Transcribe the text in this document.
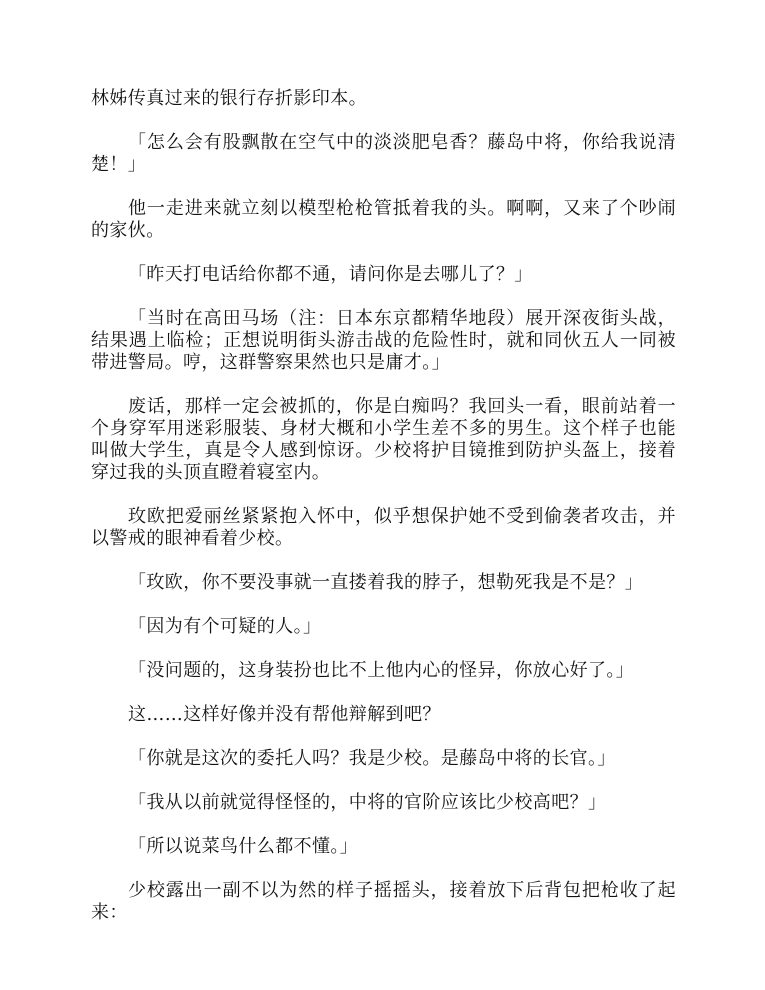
林姊传真过来的银行存折影印本。

「怎么会有股飘散在空气中的淡淡肥皂香？藤岛中将，你给我说清楚！」

他一走进来就立刻以模型枪枪管抵着我的头。啊啊，又来了个吵闹的家伙。

「昨天打电话给你都不通，请问你是去哪儿了？」

「当时在高田马场（注：日本东京都精华地段）展开深夜街头战，结果遇上临检；正想说明街头游击战的危险性时，就和同伙五人一同被带进警局。哼，这群警察果然也只是庸才。」

废话，那样一定会被抓的，你是白痴吗？我回头一看，眼前站着一个身穿军用迷彩服装、身材大概和小学生差不多的男生。这个样子也能叫做大学生，真是令人感到惊讶。少校将护目镜推到防护头盔上，接着穿过我的头顶直瞪着寝室内。

玫欧把爱丽丝紧紧抱入怀中，似乎想保护她不受到偷袭者攻击，并以警戒的眼神看着少校。

「玫欧，你不要没事就一直搂着我的脖子，想勒死我是不是？」

「因为有个可疑的人。」

「没问题的，这身装扮也比不上他内心的怪异，你放心好了。」

这……这样好像并没有帮他辩解到吧？

「你就是这次的委托人吗？我是少校。是藤岛中将的长官。」

「我从以前就觉得怪怪的，中将的官阶应该比少校高吧？」

「所以说菜鸟什么都不懂。」

少校露出一副不以为然的样子摇摇头，接着放下后背包把枪收了起来：
